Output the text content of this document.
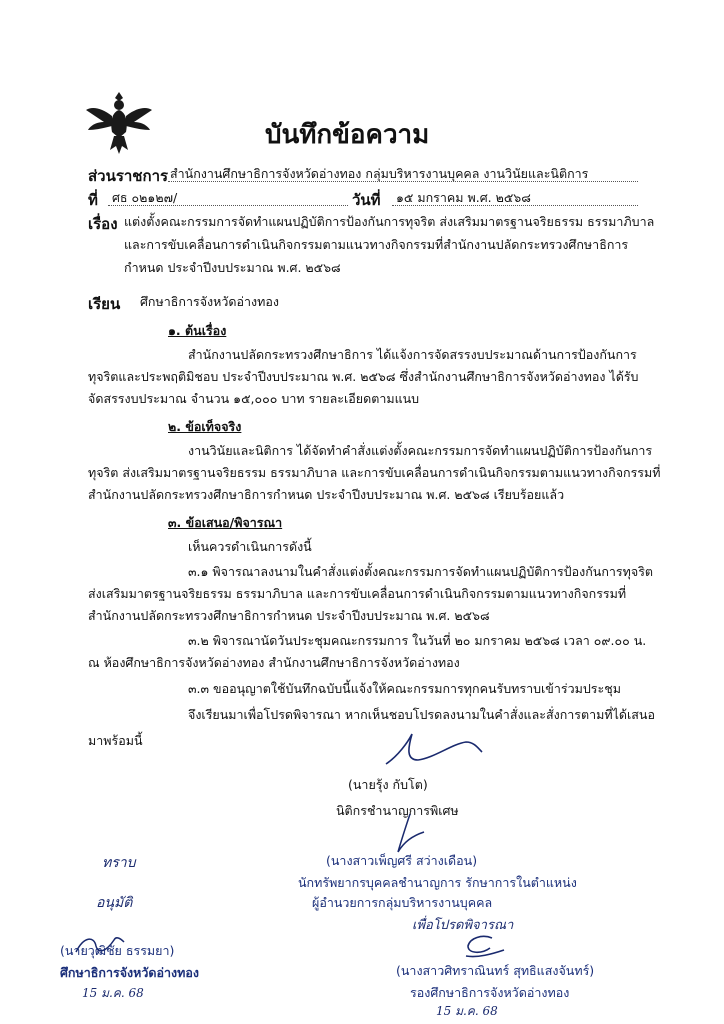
บันทึกข้อความ
ส่วนราชการ สำนักงานศึกษาธิการจังหวัดอ่างทอง กลุ่มบริหารงานบุคคล งานวินัยและนิติการ
ที่ ศธ ๐๒๑๒๗/	วันที่ ๑๕ มกราคม พ.ศ. ๒๕๖๘
เรื่อง แต่งตั้งคณะกรรมการจัดทำแผนปฏิบัติการป้องกันการทุจริต ส่งเสริมมาตรฐานจริยธรรม ธรรมาภิบาล
และการขับเคลื่อนการดำเนินกิจกรรมตามแนวทางกิจกรรมที่สำนักงานปลัดกระทรวงศึกษาธิการ
กำหนด ประจำปีงบประมาณ พ.ศ. ๒๕๖๘
เรียน ศึกษาธิการจังหวัดอ่างทอง
๑. ต้นเรื่อง
สำนักงานปลัดกระทรวงศึกษาธิการ ได้แจ้งการจัดสรรงบประมาณด้านการป้องกันการ
ทุจริตและประพฤติมิชอบ ประจำปีงบประมาณ พ.ศ. ๒๕๖๘ ซึ่งสำนักงานศึกษาธิการจังหวัดอ่างทอง ได้รับ
จัดสรรงบประมาณ จำนวน ๑๕,๐๐๐ บาท รายละเอียดตามแนบ
๒. ข้อเท็จจริง
งานวินัยและนิติการ ได้จัดทำคำสั่งแต่งตั้งคณะกรรมการจัดทำแผนปฏิบัติการป้องกันการ
ทุจริต ส่งเสริมมาตรฐานจริยธรรม ธรรมาภิบาล และการขับเคลื่อนการดำเนินกิจกรรมตามแนวทางกิจกรรมที่
สำนักงานปลัดกระทรวงศึกษาธิการกำหนด ประจำปีงบประมาณ พ.ศ. ๒๕๖๘ เรียบร้อยแล้ว
๓. ข้อเสนอ/พิจารณา
เห็นควรดำเนินการดังนี้
๓.๑ พิจารณาลงนามในคำสั่งแต่งตั้งคณะกรรมการจัดทำแผนปฏิบัติการป้องกันการทุจริต
ส่งเสริมมาตรฐานจริยธรรม ธรรมาภิบาล และการขับเคลื่อนการดำเนินกิจกรรมตามแนวทางกิจกรรมที่
สำนักงานปลัดกระทรวงศึกษาธิการกำหนด ประจำปีงบประมาณ พ.ศ. ๒๕๖๘
๓.๒ พิจารณานัดวันประชุมคณะกรรมการ ในวันที่ ๒๐ มกราคม ๒๕๖๘ เวลา ๐๙.๐๐ น.
ณ ห้องศึกษาธิการจังหวัดอ่างทอง สำนักงานศึกษาธิการจังหวัดอ่างทอง
๓.๓ ขออนุญาตใช้บันทึกฉบับนี้แจ้งให้คณะกรรมการทุกคนรับทราบเข้าร่วมประชุม
จึงเรียนมาเพื่อโปรดพิจารณา หากเห็นชอบโปรดลงนามในคำสั่งและสั่งการตามที่ได้เสนอ
มาพร้อมนี้
(นายรุ้ง กับโต)
นิติกรชำนาญการพิเศษ
(นางสาวเพ็ญศรี สว่างเดือน)
นักทรัพยากรบุคคลชำนาญการ รักษาการในตำแหน่ง
ผู้อำนวยการกลุ่มบริหารงานบุคคล
เพื่อโปรดพิจารณา
(นางสาวศิทราณินทร์ สุทธิแสงจันทร์)
รองศึกษาธิการจังหวัดอ่างทอง
15 ม.ค. 68
ทราบ
อนุมัติ
(นายวุฒิชัย ธรรมยา)
ศึกษาธิการจังหวัดอ่างทอง
15 ม.ค. 68
